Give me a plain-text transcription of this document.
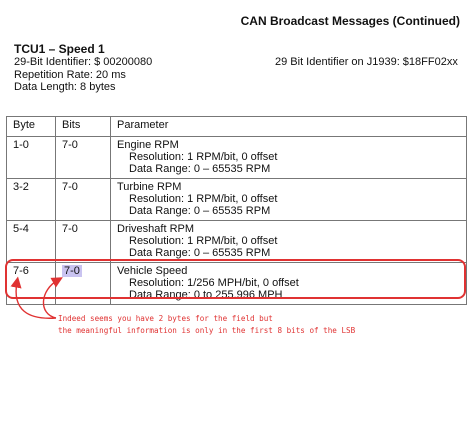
CAN Broadcast Messages (Continued)
TCU1 – Speed 1
29-Bit Identifier: $ 00200080
Repetition Rate: 20 ms
Data Length: 8 bytes
29 Bit Identifier on J1939: $18FF02xx
Byte	Bits	Parameter
1-0	7-0	Engine RPM
Resolution: 1 RPM/bit, 0 offset
Data Range: 0 – 65535 RPM

3-2	7-0	Turbine RPM
Resolution: 1 RPM/bit, 0 offset
Data Range: 0 – 65535 RPM

5-4	7-0	Driveshaft RPM
Resolution: 1 RPM/bit, 0 offset
Data Range: 0 – 65535 RPM

7-6	7-0	Vehicle Speed
Resolution: 1/256 MPH/bit, 0 offset
Data Range: 0 to 255.996 MPH
Indeed seems you have 2 bytes for the field but
the meaningful information is only in the first 8 bits of the LSB
